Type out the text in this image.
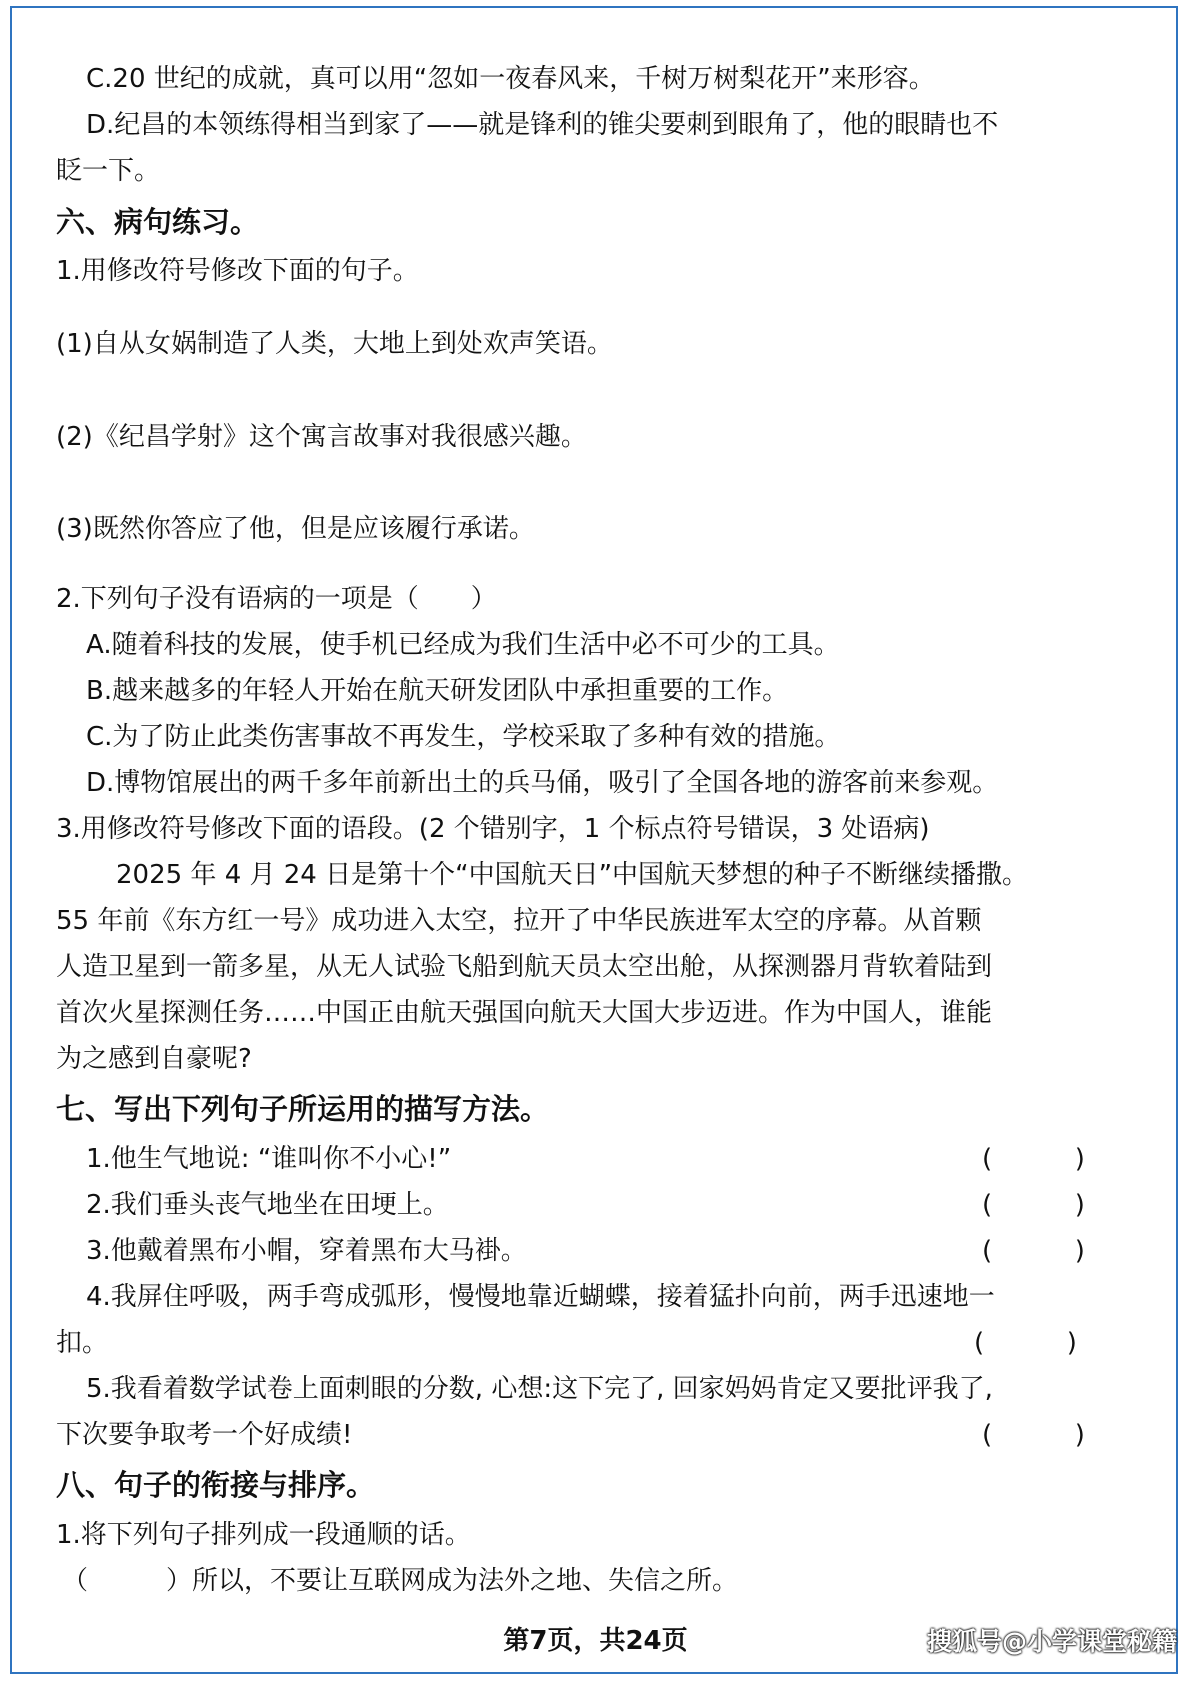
C.20 世纪的成就，真可以用“忽如一夜春风来，千树万树梨花开”来形容。

D.纪昌的本领练得相当到家了——就是锋利的锥尖要刺到眼角了，他的眼睛也不

眨一下。

六、病句练习。

1.用修改符号修改下面的句子。

(1)自从女娲制造了人类，大地上到处欢声笑语。

(2)《纪昌学射》这个寓言故事对我很感兴趣。

(3)既然你答应了他，但是应该履行承诺。

2.下列句子没有语病的一项是（　　）

A.随着科技的发展，使手机已经成为我们生活中必不可少的工具。

B.越来越多的年轻人开始在航天研发团队中承担重要的工作。

C.为了防止此类伤害事故不再发生，学校采取了多种有效的措施。

D.博物馆展出的两千多年前新出土的兵马俑，吸引了全国各地的游客前来参观。

3.用修改符号修改下面的语段。(2 个错别字，1 个标点符号错误，3 处语病)

2025 年 4 月 24 日是第十个“中国航天日”中国航天梦想的种子不断继续播撒。

55 年前《东方红一号》成功进入太空，拉开了中华民族进军太空的序幕。从首颗

人造卫星到一箭多星，从无人试验飞船到航天员太空出舱，从探测器月背软着陆到

首次火星探测任务……中国正由航天强国向航天大国大步迈进。作为中国人，谁能

为之感到自豪呢?

七、写出下列句子所运用的描写方法。

1.他生气地说: “谁叫你不小心!”

2.我们垂头丧气地坐在田埂上。

3.他戴着黑布小帽，穿着黑布大马褂。

4.我屏住呼吸，两手弯成弧形，慢慢地靠近蝴蝶，接着猛扑向前，两手迅速地一

扣。

5.我看着数学试卷上面刺眼的分数, 心想:这下完了, 回家妈妈肯定又要批评我了,

下次要争取考一个好成绩!

八、句子的衔接与排序。

1.将下列句子排列成一段通顺的话。

（　　　）所以，不要让互联网成为法外之地、失信之所。

(          )
(          )
(          )
(          )
(          )
第7页，共24页	搜狐号@小学课堂秘籍
